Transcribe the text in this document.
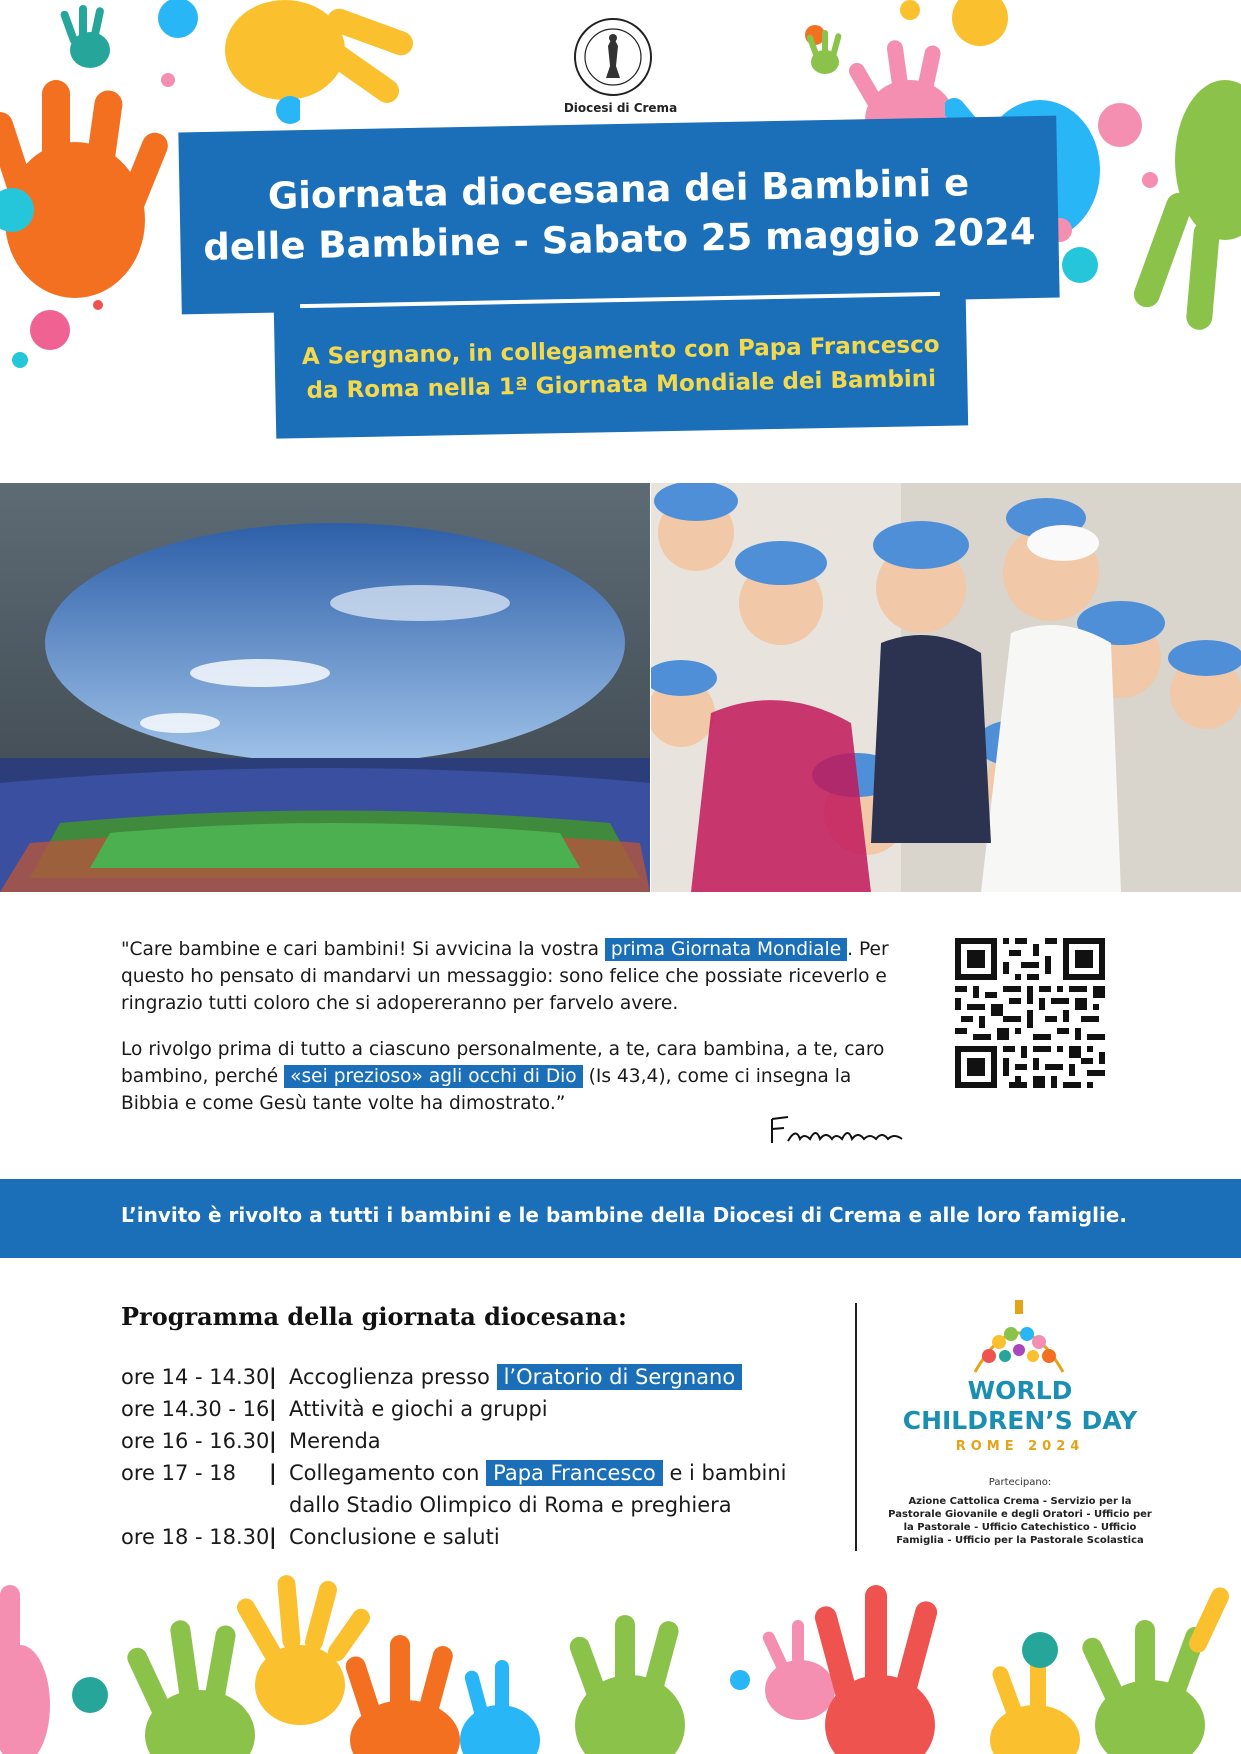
Diocesi di Crema
Giornata diocesana dei Bambini e
delle Bambine - Sabato 25 maggio 2024
A Sergnano, in collegamento con Papa Francesco
da Roma nella 1ª Giornata Mondiale dei Bambini

"Care bambine e cari bambini! Si avvicina la vostra prima Giornata Mondiale . Per questo ho pensato di mandarvi un messaggio: sono felice che possiate riceverlo e ringrazio tutti coloro che si adopereranno per farvelo avere.

Lo rivolgo prima di tutto a ciascuno personalmente, a te, cara bambina, a te, caro bambino, perché «sei prezioso» agli occhi di Dio (Is 43,4), come ci insegna la Bibbia e come Gesù tante volte ha dimostrato.”

L’invito è rivolto a tutti i bambini e le bambine della Diocesi di Crema e alle loro famiglie.
Programma della giornata diocesana:
ore 14 - 14.30 | Accoglienza presso l’Oratorio di Sergnano
ore 14.30 - 16 | Attività e giochi a gruppi
ore 16 - 16.30 | Merenda
ore 17 - 18	| Collegamento con Papa Francesco e i bambini dallo Stadio Olimpico di Roma e preghiera
ore 18 - 18.30 | Conclusione e saluti
WORLD
CHILDREN’S DAY
ROME 2024
Partecipano:
Azione Cattolica Crema - Servizio per la Pastorale Giovanile e degli Oratori - Ufficio per la Pastorale - Ufficio Catechistico - Ufficio Famiglia - Ufficio per la Pastorale Scolastica
